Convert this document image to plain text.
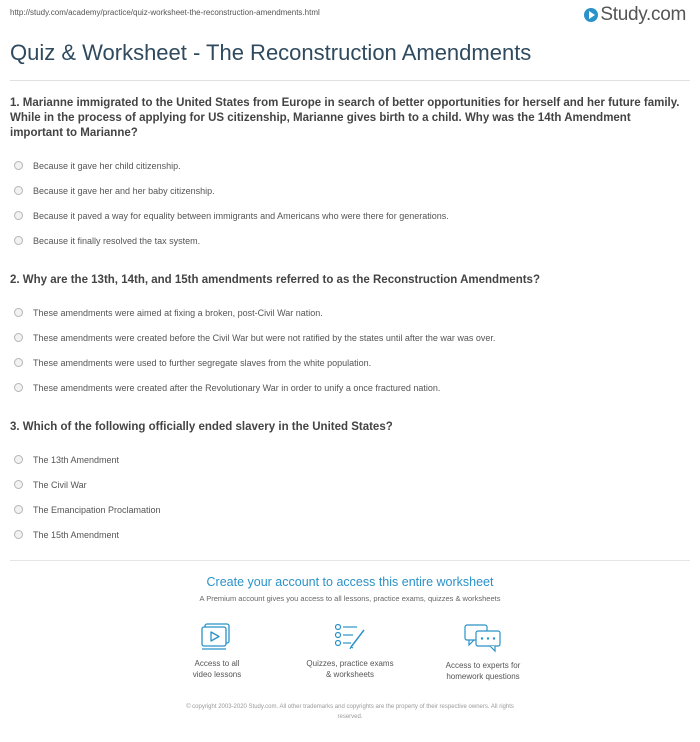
http://study.com/academy/practice/quiz-worksheet-the-reconstruction-amendments.html	Study.com
Quiz & Worksheet - The Reconstruction Amendments

1. Marianne immigrated to the United States from Europe in search of better opportunities for herself and her future family. While in the process of applying for US citizenship, Marianne gives birth to a child. Why was the 14th Amendment important to Marianne?

Because it gave her child citizenship.
Because it gave her and her baby citizenship.
Because it paved a way for equality between immigrants and Americans who were there for generations.
Because it finally resolved the tax system.

2. Why are the 13th, 14th, and 15th amendments referred to as the Reconstruction Amendments?

These amendments were aimed at fixing a broken, post-Civil War nation.
These amendments were created before the Civil War but were not ratified by the states until after the war was over.
These amendments were used to further segregate slaves from the white population.
These amendments were created after the Revolutionary War in order to unify a once fractured nation.

3. Which of the following officially ended slavery in the United States?

The 13th Amendment
The Civil War
The Emancipation Proclamation
The 15th Amendment
Create your account to access this entire worksheet
A Premium account gives you access to all lessons, practice exams, quizzes & worksheets
Access to all
video lessons
Quizzes, practice exams
& worksheets
Access to experts for
homework questions
© copyright 2003-2020 Study.com. All other trademarks and copyrights are the property of their respective owners. All rights
reserved.
